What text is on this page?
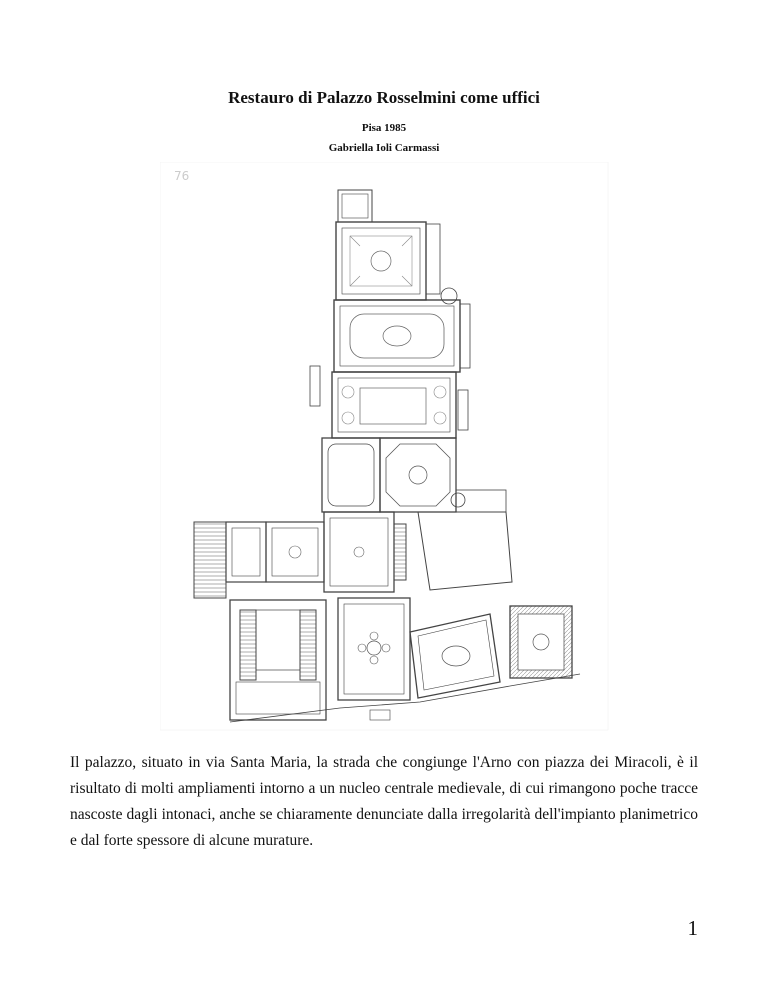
Restauro di Palazzo Rosselmini come uffici
Pisa 1985
Gabriella Ioli Carmassi
76
Il palazzo, situato in via Santa Maria, la strada che congiunge l'Arno con piazza dei Miracoli, è il risultato di molti ampliamenti intorno a un nucleo centrale medievale, di cui rimangono poche tracce nascoste dagli intonaci, anche se chiaramente denunciate dalla irregolarità dell'impianto planimetrico e dal forte spessore di alcune murature.
1
